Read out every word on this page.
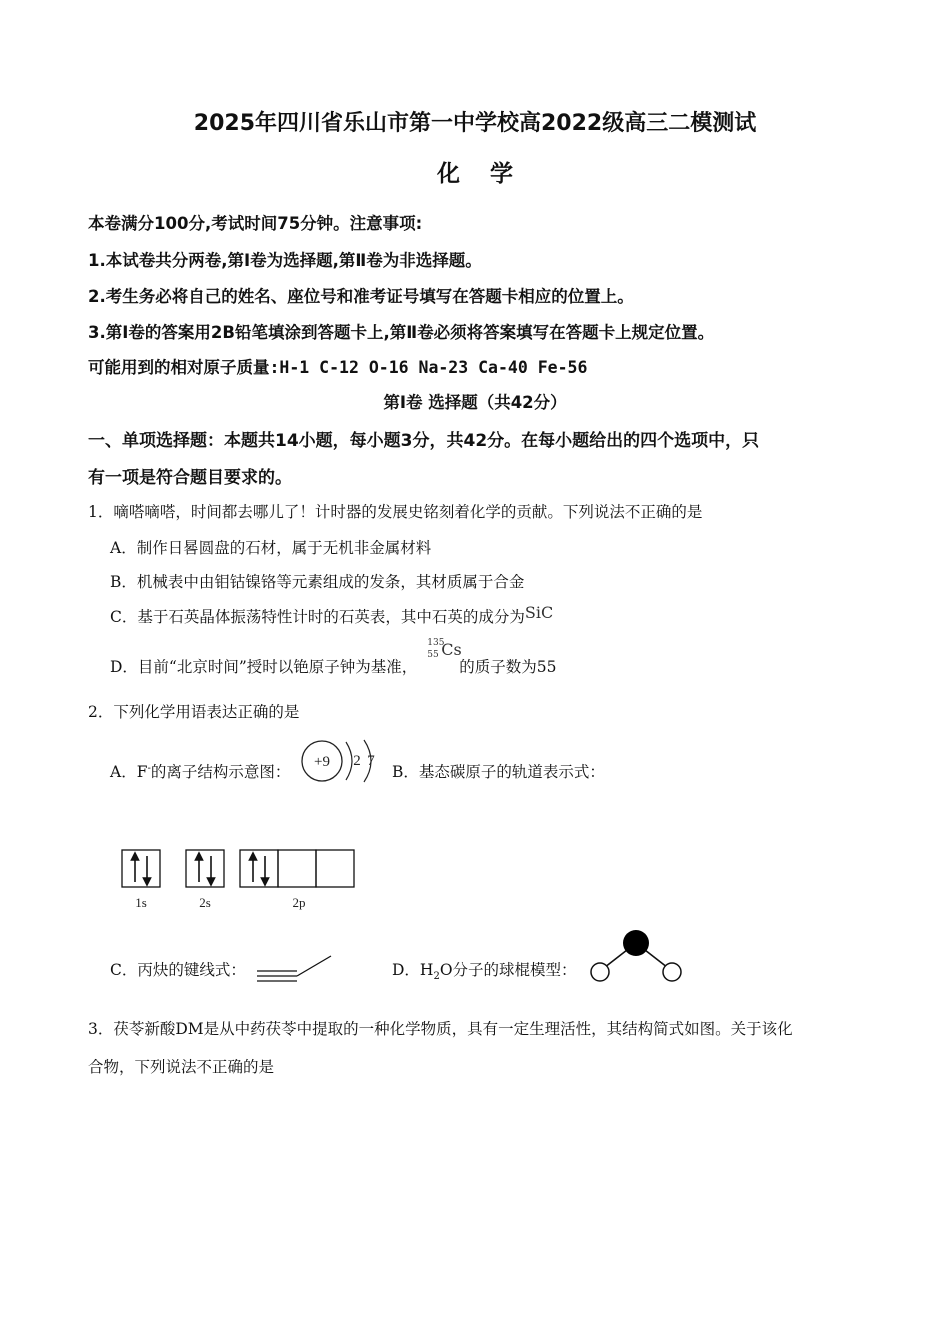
2025年四川省乐山市第一中学校高2022级高三二模测试
化学
本卷满分100分,考试时间75分钟。注意事项:
1.本试卷共分两卷,第Ⅰ卷为选择题,第Ⅱ卷为非选择题。
2.考生务必将自己的姓名、座位号和准考证号填写在答题卡相应的位置上。
3.第Ⅰ卷的答案用2B铅笔填涂到答题卡上,第Ⅱ卷必须将答案填写在答题卡上规定位置。
可能用到的相对原子质量:H-1 C-12 O-16 Na-23 Ca-40 Fe-56
第Ⅰ卷 选择题（共42分）
一、单项选择题：本题共14小题，每小题3分，共42分。在每小题给出的四个选项中，只
有一项是符合题目要求的。
1．嘀嗒嘀嗒，时间都去哪儿了！计时器的发展史铭刻着化学的贡献。下列说法不正确的是
A．制作日晷圆盘的石材，属于无机非金属材料
B．机械表中由钼钴镍铬等元素组成的发条，其材质属于合金
C．基于石英晶体振荡特性计时的石英表，其中石英的成分为SiC
D．目前“北京时间”授时以铯原子钟为基准，
135
55 Cs
的质子数为55
2．下列化学用语表达正确的是
A．F-的离子结构示意图：
+9 2 7
B．基态碳原子的轨道表示式：
1s	2s	2p
C．丙炔的键线式：	D．$H_2O$分子的球棍模型：
3．茯苓新酸DM是从中药茯苓中提取的一种化学物质，具有一定生理活性，其结构简式如图。关于该化
合物，下列说法不正确的是
